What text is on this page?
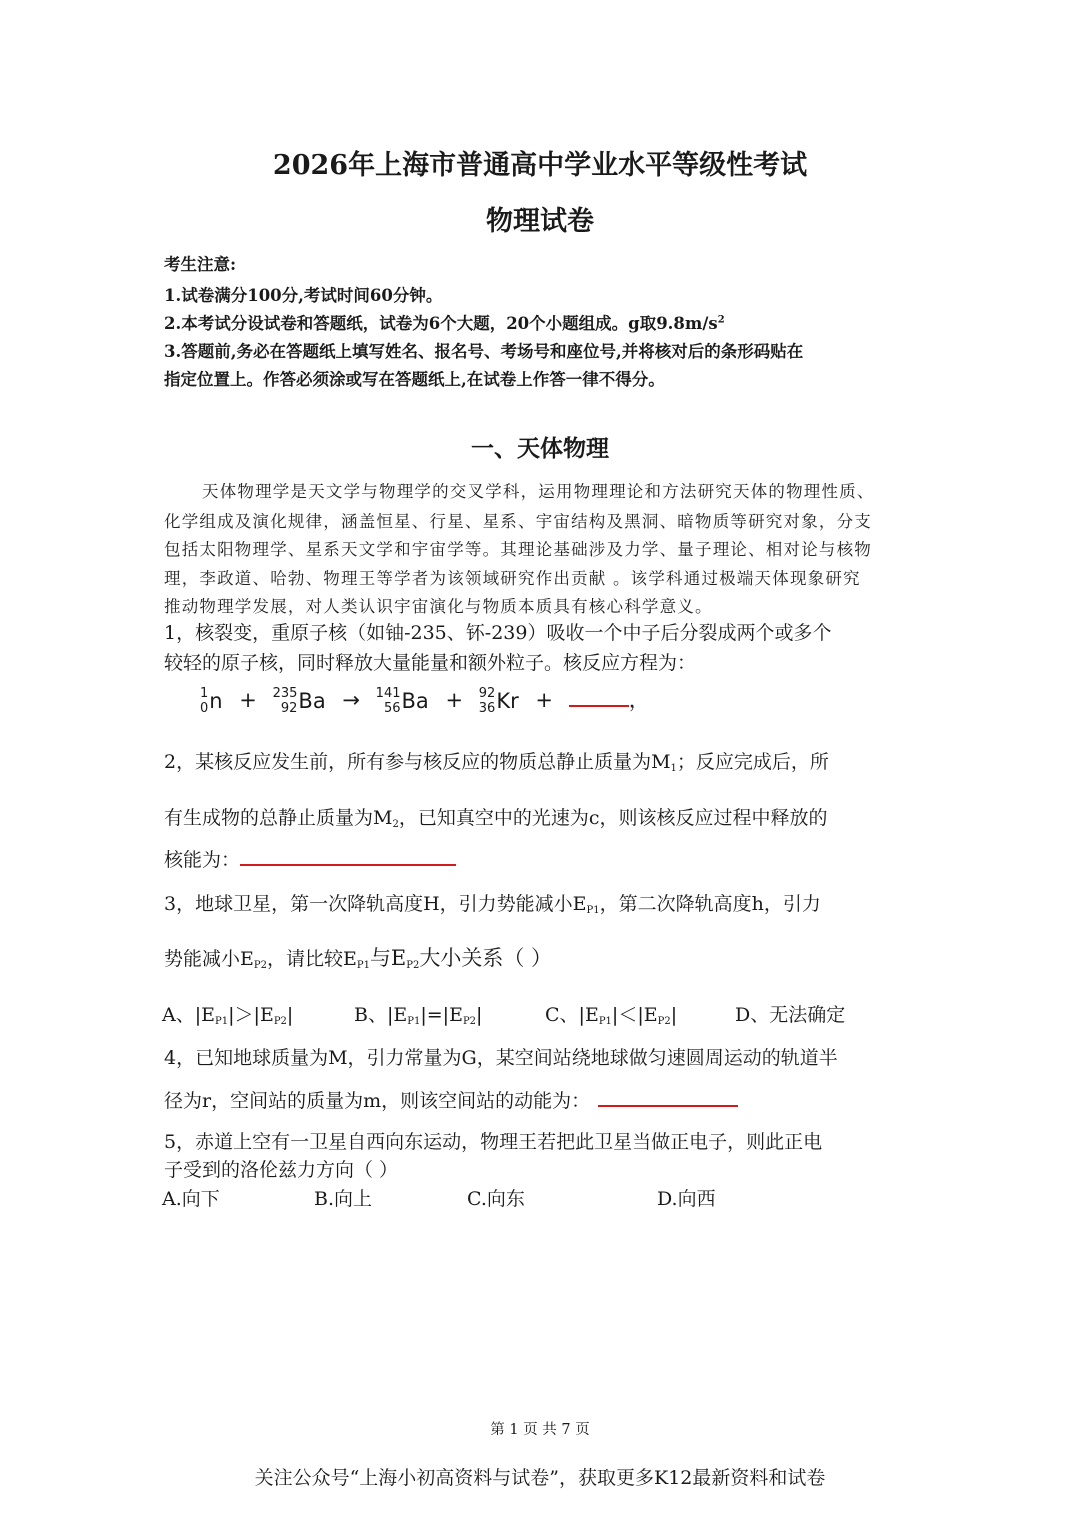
2026年上海市普通高中学业水平等级性考试
物理试卷
考生注意:
1.试卷满分100分,考试时间60分钟。
2.本考试分设试卷和答题纸，试卷为6个大题，20个小题组成。g取$9.8m/s^2$
3.答题前,务必在答题纸上填写姓名、报名号、考场号和座位号,并将核对后的条形码贴在
指定位置上。作答必须涂或写在答题纸上,在试卷上作答一律不得分。
一、天体物理
天体物理学是天文学与物理学的交叉学科，运用物理理论和方法研究天体的物理性质、
化学组成及演化规律，涵盖恒星、行星、星系、宇宙结构及黑洞、暗物质等研究对象，分支
包括太阳物理学、星系天文学和宇宙学等。其理论基础涉及力学、量子理论、相对论与核物
理，李政道、哈勃、物理王等学者为该领域研究作出贡献 。该学科通过极端天体现象研究
推动物理学发展，对人类认识宇宙演化与物质本质具有核心科学意义。
1，核裂变，重原子核（如铀-235、钚-239）吸收一个中子后分裂成两个或多个
较轻的原子核，同时释放大量能量和额外粒子。核反应方程为：
1
0 n + 235
92 Ba → 141
56 Ba + 92
36 Kr +	，
2，某核反应发生前，所有参与核反应的物质总静止质量为$M_1$；反应完成后，所
有生成物的总静止质量为$M_2$，已知真空中的光速为c，则该核反应过程中释放的
核能为：
3，地球卫星，第一次降轨高度H，引力势能减小$E_{P1}$，第二次降轨高度h，引力
势能减小$E_{P2}$，请比较$E_{P1}$与$E_{P2}$大小关系（ ）
A、$|E_{P1}|>|E_{P2}|$	B、$|E_{P1}|=|E_{P2}|$	C、$|E_{P1}|<|E_{P2}|$	D、无法确定
4，已知地球质量为M，引力常量为G，某空间站绕地球做匀速圆周运动的轨道半
径为r，空间站的质量为m，则该空间站的动能为：
5，赤道上空有一卫星自西向东运动，物理王若把此卫星当做正电子，则此正电
子受到的洛伦兹力方向（ ）
A.向下	B.向上	C.向东	D.向西
第 1 页 共 7 页
关注公众号“上海小初高资料与试卷”，获取更多K12最新资料和试卷
